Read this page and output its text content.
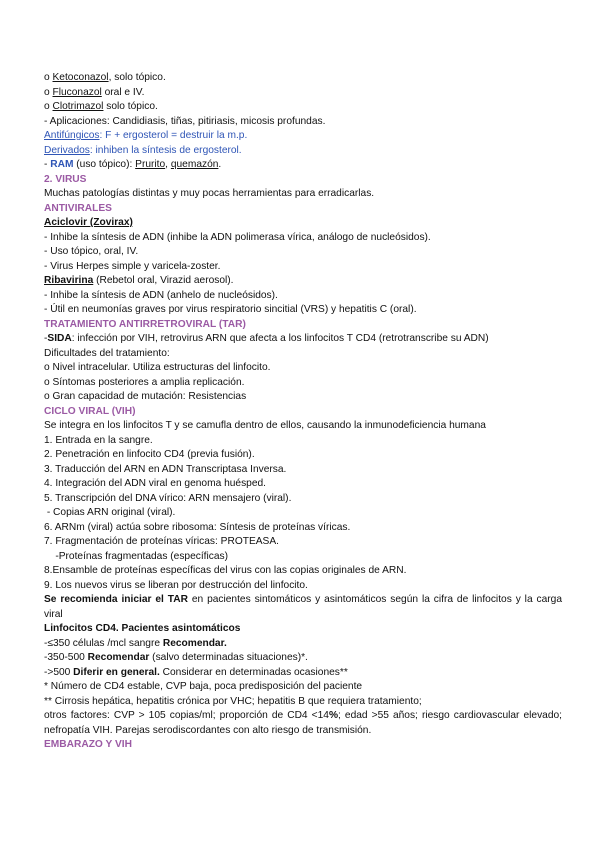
o Ketoconazol, solo tópico.
o Fluconazol oral e IV.
o Clotrimazol solo tópico.
- Aplicaciones: Candidiasis, tiñas, pitiriasis, micosis profundas.
Antifúngicos: F + ergosterol = destruir la m.p.
Derivados: inhiben la síntesis de ergosterol.
- RAM (uso tópico): Prurito, quemazón.
2. VIRUS
Muchas patologías distintas y muy pocas herramientas para erradicarlas.
ANTIVIRALES
Aciclovir (Zovirax)
- Inhibe la síntesis de ADN (inhibe la ADN polimerasa vírica, análogo de nucleósidos).
- Uso tópico, oral, IV.
- Virus Herpes simple y varicela-zoster.
Ribavirina (Rebetol oral, Virazid aerosol).
- Inhibe la síntesis de ADN (anhelo de nucleósidos).
- Útil en neumonías graves por virus respiratorio sincitial (VRS) y hepatitis C (oral).
TRATAMIENTO ANTIRRETROVIRAL (TAR)
-SIDA: infección por VIH, retrovirus ARN que afecta a los linfocitos T CD4 (retrotranscribe su ADN)
Dificultades del tratamiento:
o Nivel intracelular. Utiliza estructuras del linfocito.
o Síntomas posteriores a amplia replicación.
o Gran capacidad de mutación: Resistencias
CICLO VIRAL (VIH)
Se integra en los linfocitos T y se camufla dentro de ellos, causando la inmunodeficiencia humana
1. Entrada en la sangre.
2. Penetración en linfocito CD4 (previa fusión).
3. Traducción del ARN en ADN Transcriptasa Inversa.
4. Integración del ADN viral en genoma huésped.
5. Transcripción del DNA vírico: ARN mensajero (viral).
- Copias ARN original (viral).
6. ARNm (viral) actúa sobre ribosoma: Síntesis de proteínas víricas.
7. Fragmentación de proteínas víricas: PROTEASA.
-Proteínas fragmentadas (específicas)
8.Ensamble de proteínas específicas del virus con las copias originales de ARN.
9. Los nuevos virus se liberan por destrucción del linfocito.
Se recomienda iniciar el TAR en pacientes sintomáticos y asintomáticos según la cifra de linfocitos y la carga viral
Linfocitos CD4. Pacientes asintomáticos
-≤350 células /mcl sangre Recomendar.
-350-500 Recomendar (salvo determinadas situaciones)*.
->500 Diferir en general. Considerar en determinadas ocasiones**
* Número de CD4 estable, CVP baja, poca predisposición del paciente
** Cirrosis hepática, hepatitis crónica por VHC; hepatitis B que requiera tratamiento;
otros factores: CVP > 105 copias/ml; proporción de CD4 <14%; edad >55 años; riesgo cardiovascular elevado; nefropatía VIH. Parejas serodiscordantes con alto riesgo de transmisión.
EMBARAZO Y VIH
